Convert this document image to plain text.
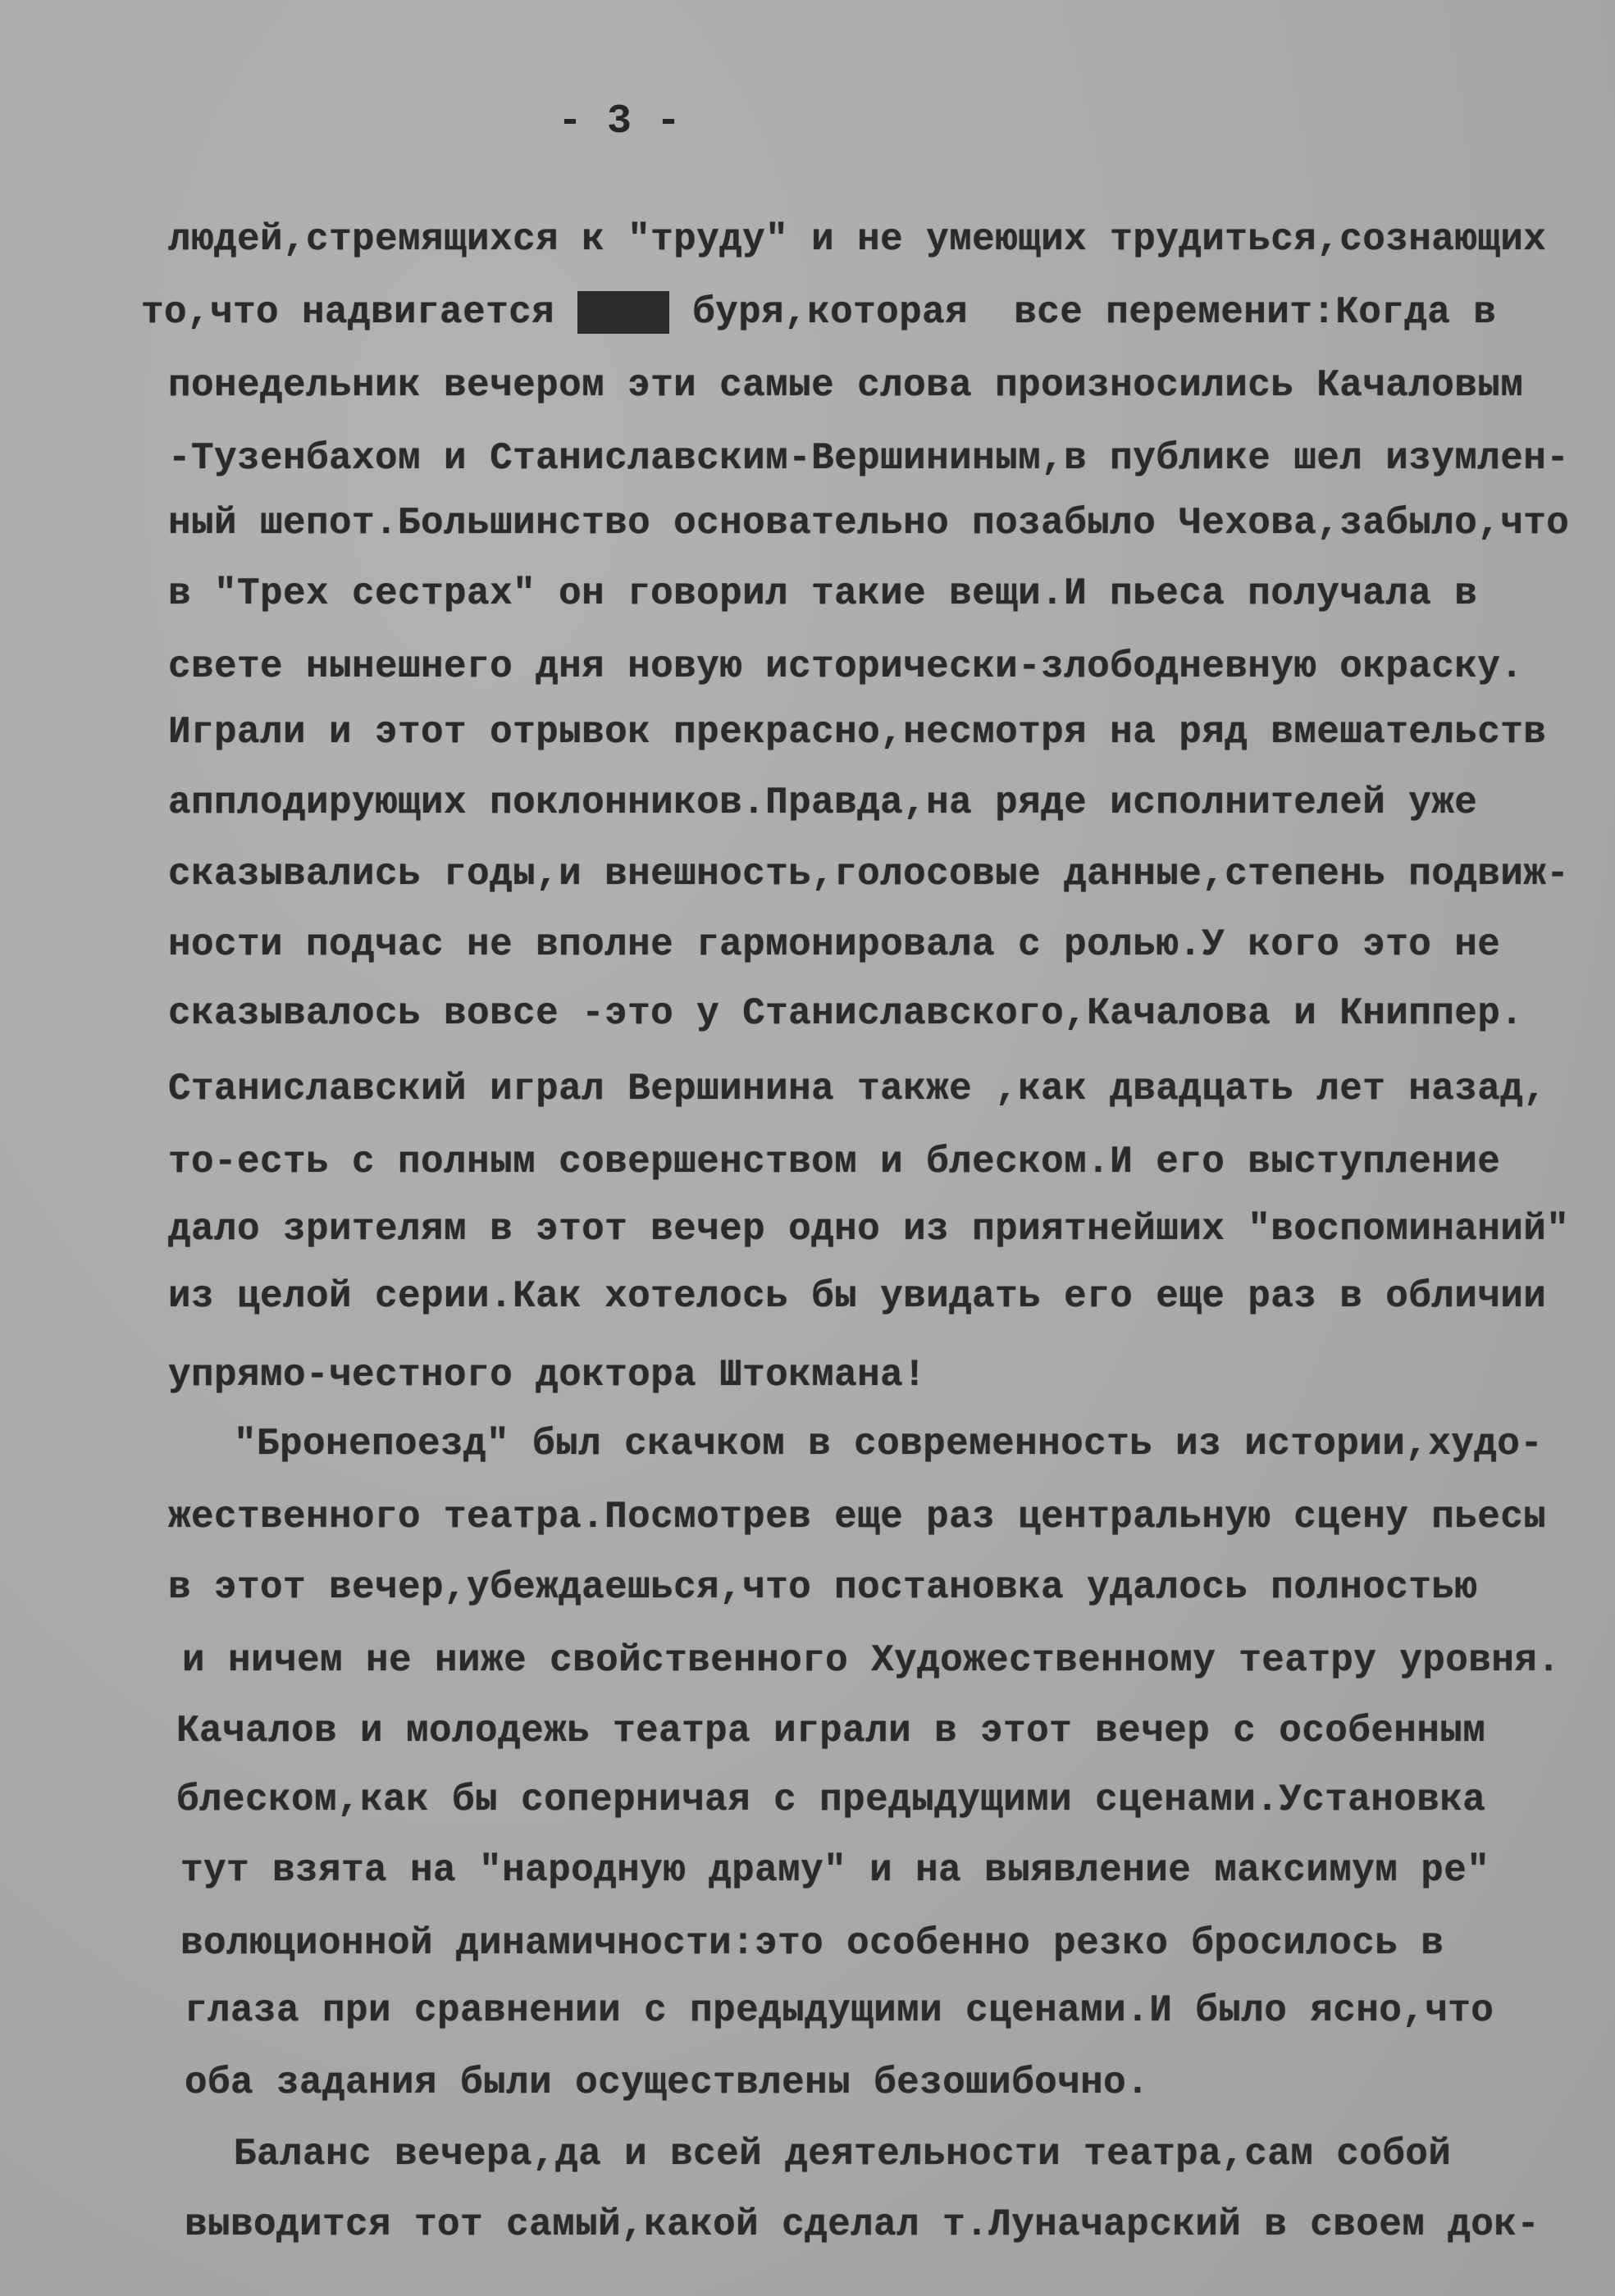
- 3 -
людей,стремящихся к "труду" и не умеющих трудиться,сознающих
то,что надвигается хххх буря,которая  все переменит:Когда в
понедельник вечером эти самые слова произносились Качаловым
-Тузенбахом и Станиславским-Вершининым,в публике шел изумлен-
ный шепот.Большинство основательно позабыло Чехова,забыло,что
в "Трех сестрах" он говорил такие вещи.И пьеса получала в
свете нынешнего дня новую исторически-злободневную окраску.
Играли и этот отрывок прекрасно,несмотря на ряд вмешательств
апплодирующих поклонников.Правда,на ряде исполнителей уже
сказывались годы,и внешность,голосовые данные,степень подвиж-
ности подчас не вполне гармонировала с ролью.У кого это не
сказывалось вовсе -это у Станиславского,Качалова и Книппер.
Станиславский играл Вершинина также ,как двадцать лет назад,
то-есть с полным совершенством и блеском.И его выступление
дало зрителям в этот вечер одно из приятнейших "воспоминаний"
из целой серии.Как хотелось бы увидать его еще раз в обличии
упрямо-честного доктора Штокмана!
"Бронепоезд" был скачком в современность из истории,худо-
жественного театра.Посмотрев еще раз центральную сцену пьесы
в этот вечер,убеждаешься,что постановка удалось полностью
и ничем не ниже свойственного Художественному театру уровня.
Качалов и молодежь театра играли в этот вечер с особенным
блеском,как бы соперничая с предыдущими сценами.Установка
тут взята на "народную драму" и на выявление максимум ре"
волюционной динамичности:это особенно резко бросилось в
глаза при сравнении с предыдущими сценами.И было ясно,что
оба задания были осуществлены безошибочно.
Баланс вечера,да и всей деятельности театра,сам собой
выводится тот самый,какой сделал т.Луначарский в своем док-
